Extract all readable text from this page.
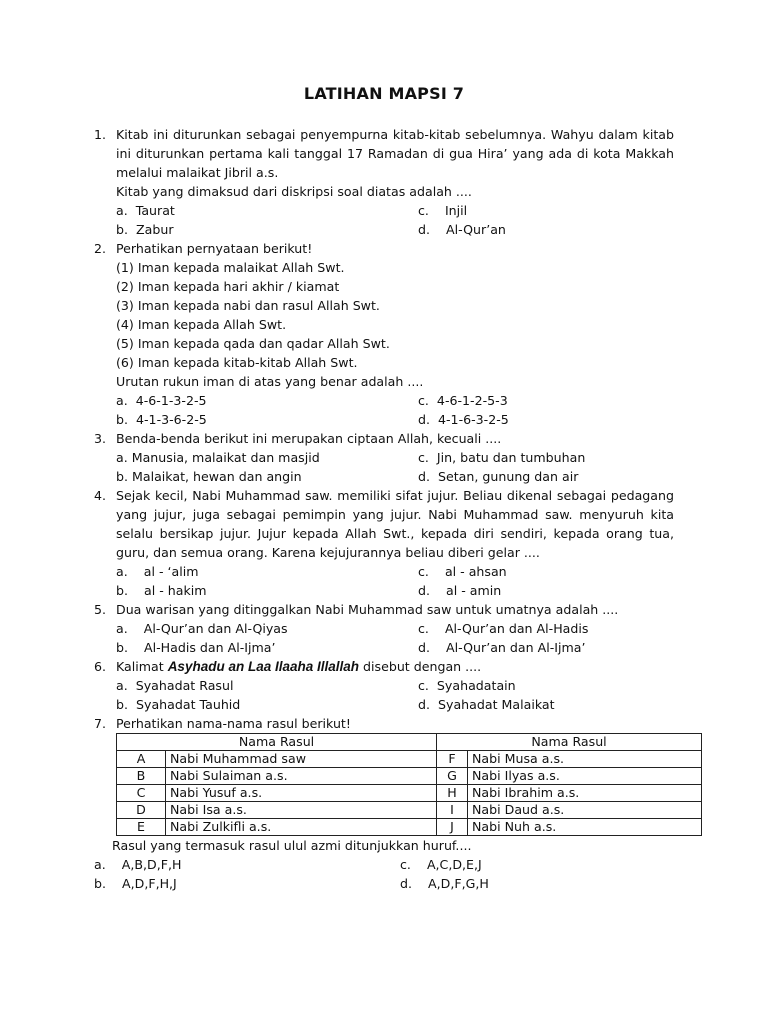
LATIHAN MAPSI 7
1. Kitab ini diturunkan sebagai penyempurna kitab-kitab sebelumnya. Wahyu dalam kitab ini diturunkan pertama kali tanggal 17 Ramadan di gua Hira’ yang ada di kota Makkah melalui malaikat Jibril a.s.
Kitab yang dimaksud dari diskripsi soal diatas adalah ....
a.  Taurat	c.    Injil
b.  Zabur	d.    Al-Qur’an
2. Perhatikan pernyataan berikut!
(1) Iman kepada malaikat Allah Swt.
(2) Iman kepada hari akhir / kiamat
(3) Iman kepada nabi dan rasul Allah Swt.
(4) Iman kepada Allah Swt.
(5) Iman kepada qada dan qadar Allah Swt.
(6) Iman kepada kitab-kitab Allah Swt.
Urutan rukun iman di atas yang benar adalah ....
a.  4-6-1-3-2-5	c.  4-6-1-2-5-3
b.  4-1-3-6-2-5	d.  4-1-6-3-2-5
3. Benda-benda berikut ini merupakan ciptaan Allah, kecuali ....
a. Manusia, malaikat dan masjid	c.  Jin, batu dan tumbuhan
b. Malaikat, hewan dan angin	d.  Setan, gunung dan air
4. Sejak kecil, Nabi Muhammad saw. memiliki sifat jujur. Beliau dikenal sebagai pedagang yang jujur, juga sebagai pemimpin yang jujur. Nabi Muhammad saw. menyuruh kita selalu bersikap jujur. Jujur kepada Allah Swt., kepada diri sendiri, kepada orang tua, guru, dan semua orang. Karena kejujurannya beliau diberi gelar ....
a.    al - ‘alim	c.    al - ahsan
b.    al - hakim	d.    al - amin
5. Dua warisan yang ditinggalkan Nabi Muhammad saw untuk umatnya adalah ....
a.    Al-Qur’an dan Al-Qiyas	c.    Al-Qur’an dan Al-Hadis
b.    Al-Hadis dan Al-Ijma’	d.    Al-Qur’an dan Al-Ijma’
6. Kalimat Asyhadu an Laa Ilaaha Illallah disebut dengan ....
a.  Syahadat Rasul	c.  Syahadatain
b.  Syahadat Tauhid	d.  Syahadat Malaikat
7. Perhatikan nama-nama rasul berikut!
Nama Rasul		Nama Rasul	
A	Nabi Muhammad saw	F	Nabi Musa a.s.
B	Nabi Sulaiman a.s.	G	Nabi Ilyas a.s.
C	Nabi Yusuf a.s.	H	Nabi Ibrahim a.s.
D	Nabi Isa a.s.	I	Nabi Daud a.s.
E	Nabi Zulkifli a.s.	J	Nabi Nuh a.s.
Rasul yang termasuk rasul ulul azmi ditunjukkan huruf....
a.    A,B,D,F,H	c.    A,C,D,E,J
b.    A,D,F,H,J	d.    A,D,F,G,H
